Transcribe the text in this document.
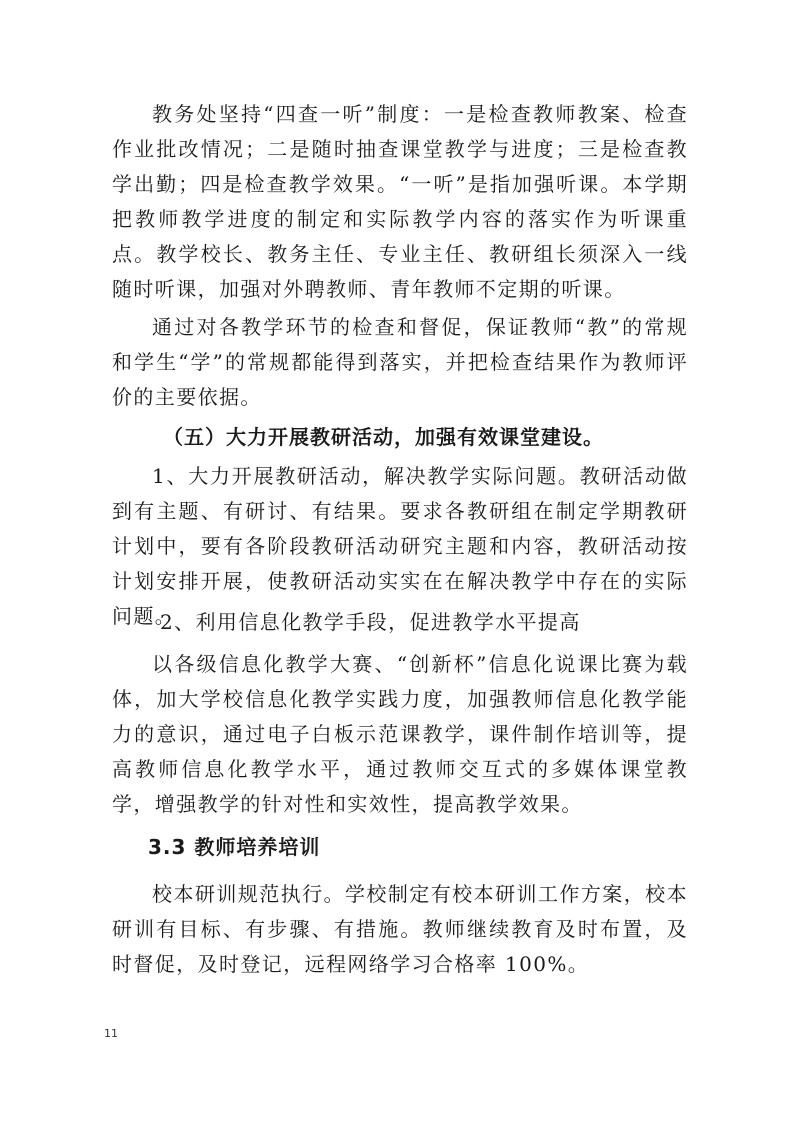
教务处坚持“四查一听”制度：一是检查教师教案、检查作业批改情况；二是随时抽查课堂教学与进度；三是检查教学出勤；四是检查教学效果。“一听”是指加强听课。本学期把教师教学进度的制定和实际教学内容的落实作为听课重点。教学校长、教务主任、专业主任、教研组长须深入一线随时听课，加强对外聘教师、青年教师不定期的听课。

通过对各教学环节的检查和督促，保证教师“教”的常规和学生“学”的常规都能得到落实，并把检查结果作为教师评价的主要依据。

（五）大力开展教研活动，加强有效课堂建设。

1、大力开展教研活动，解决教学实际问题。教研活动做到有主题、有研讨、有结果。要求各教研组在制定学期教研计划中，要有各阶段教研活动研究主题和内容，教研活动按计划安排开展，使教研活动实实在在解决教学中存在的实际问题。

2、利用信息化教学手段，促进教学水平提高

以各级信息化教学大赛、“创新杯”信息化说课比赛为载体，加大学校信息化教学实践力度，加强教师信息化教学能力的意识，通过电子白板示范课教学，课件制作培训等，提高教师信息化教学水平，通过教师交互式的多媒体课堂教学，增强教学的针对性和实效性，提高教学效果。

3.3 教师培养培训

校本研训规范执行。学校制定有校本研训工作方案，校本研训有目标、有步骤、有措施。教师继续教育及时布置，及时督促，及时登记，远程网络学习合格率 100%。

11
